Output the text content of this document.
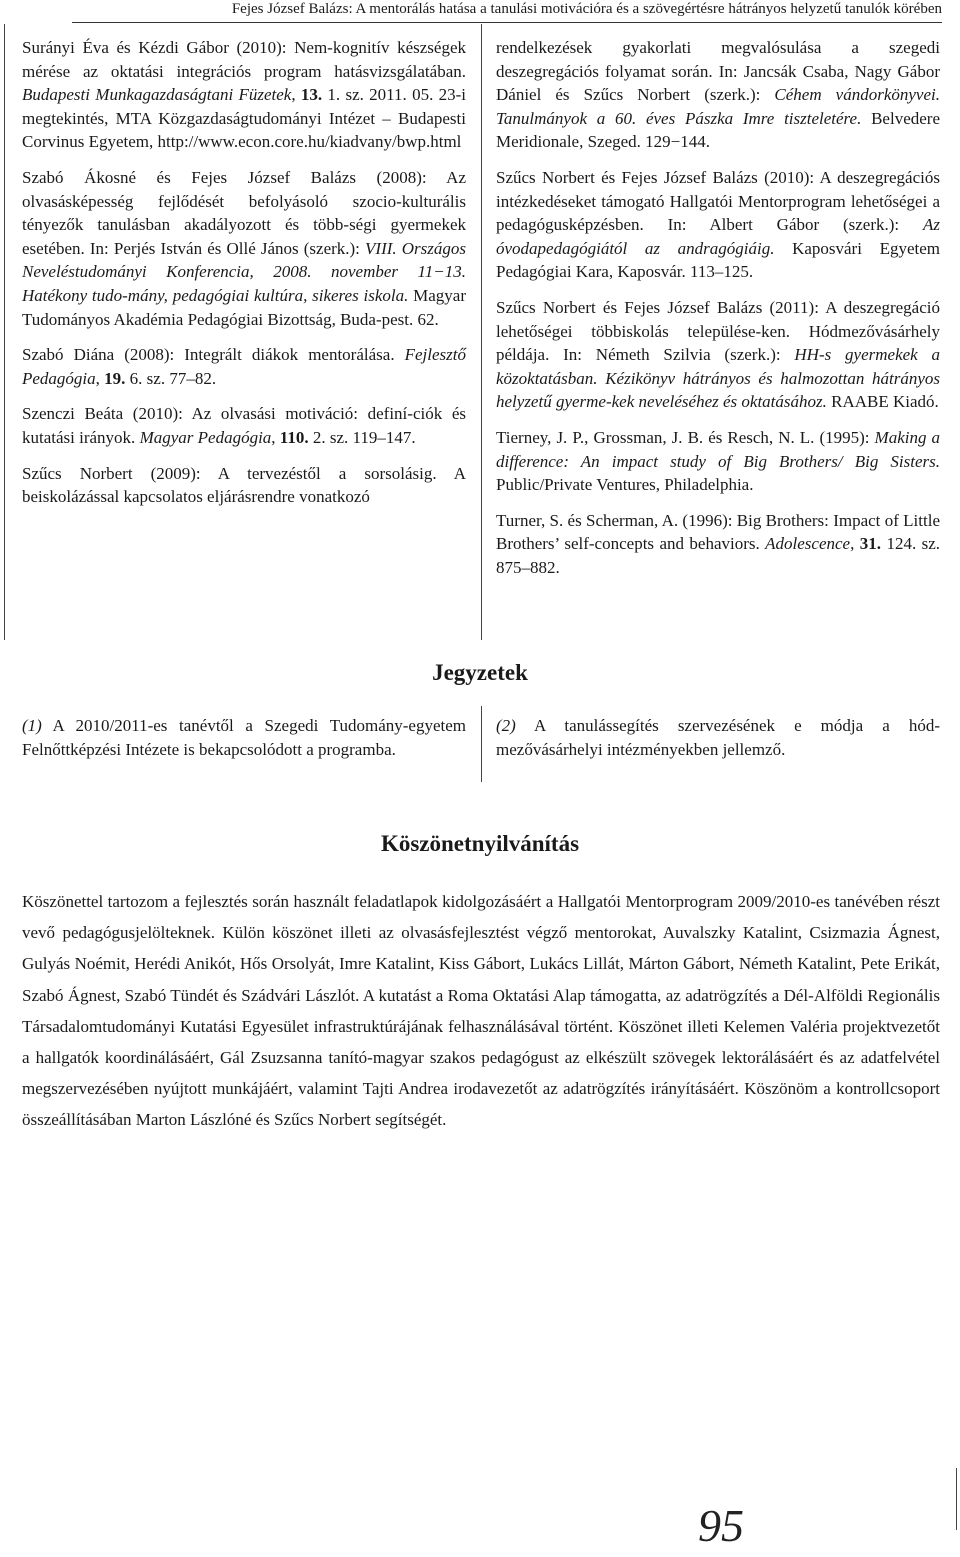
Fejes József Balázs: A mentorálás hatása a tanulási motivációra és a szövegértésre hátrányos helyzetű tanulók körében

Surányi Éva és Kézdi Gábor (2010): Nem-kognitív készségek mérése az oktatási integrációs program hatásvizsgálatában. Budapesti Munkagazdaságtani Füzetek, 13. 1. sz. 2011. 05. 23-i megtekintés, MTA Közgazdaságtudományi Intézet – Budapesti Corvinus Egyetem, http://www.econ.core.hu/kiadvany/bwp.html

Szabó Ákosné és Fejes József Balázs (2008): Az olvasásképesség fejlődését befolyásoló szocio-kulturális tényezők tanulásban akadályozott és több-ségi gyermekek esetében. In: Perjés István és Ollé János (szerk.): VIII. Országos Neveléstudományi Konferencia, 2008. november 11−13. Hatékony tudo-mány, pedagógiai kultúra, sikeres iskola. Magyar Tudományos Akadémia Pedagógiai Bizottság, Buda-pest. 62.

Szabó Diána (2008): Integrált diákok mentorálása. Fejlesztő Pedagógia, 19. 6. sz. 77–82.

Szenczi Beáta (2010): Az olvasási motiváció: definí-ciók és kutatási irányok. Magyar Pedagógia, 110. 2. sz. 119–147.

Szűcs Norbert (2009): A tervezéstől a sorsolásig. A beiskolázással kapcsolatos eljárásrendre vonatkozó

rendelkezések gyakorlati megvalósulása a szegedi deszegregációs folyamat során. In: Jancsák Csaba, Nagy Gábor Dániel és Szűcs Norbert (szerk.): Céhem vándorkönyvei. Tanulmányok a 60. éves Pászka Imre tiszteletére. Belvedere Meridionale, Szeged. 129−144.

Szűcs Norbert és Fejes József Balázs (2010): A deszegregációs intézkedéseket támogató Hallgatói Mentorprogram lehetőségei a pedagógusképzésben. In: Albert Gábor (szerk.): Az óvodapedagógiától az andragógiáig. Kaposvári Egyetem Pedagógiai Kara, Kaposvár. 113–125.

Szűcs Norbert és Fejes József Balázs (2011): A deszegregáció lehetőségei többiskolás települése-ken. Hódmezővásárhely példája. In: Németh Szilvia (szerk.): HH-s gyermekek a közoktatásban. Kézikönyv hátrányos és halmozottan hátrányos helyzetű gyerme-kek neveléséhez és oktatásához. RAABE Kiadó.

Tierney, J. P., Grossman, J. B. és Resch, N. L. (1995): Making a difference: An impact study of Big Brothers/ Big Sisters. Public/Private Ventures, Philadelphia.

Turner, S. és Scherman, A. (1996): Big Brothers: Impact of Little Brothers’ self-concepts and behaviors. Adolescence, 31. 124. sz. 875–882.

Jegyzetek
(1) A 2010/2011-es tanévtől a Szegedi Tudomány-egyetem Felnőttképzési Intézete is bekapcsolódott a programba.
(2) A tanulássegítés szervezésének e módja a hód-mezővásárhelyi intézményekben jellemző.
Köszönetnyilvánítás

Köszönettel tartozom a fejlesztés során használt feladatlapok kidolgozásáért a Hallgatói Mentorprogram 2009/2010-es tanévében részt vevő pedagógusjelölteknek. Külön köszönet illeti az olvasásfejlesztést végző mentorokat, Auvalszky Katalint, Csizmazia Ágnest, Gulyás Noémit, Herédi Anikót, Hős Orsolyát, Imre Katalint, Kiss Gábort, Lukács Lillát, Márton Gábort, Németh Katalint, Pete Erikát, Szabó Ágnest, Szabó Tündét és Szádvári Lászlót. A kutatást a Roma Oktatási Alap támogatta, az adatrögzítés a Dél-Alföldi Regionális Társadalomtudományi Kutatási Egyesület infrastruktúrájának felhasználásával történt. Köszönet illeti Kelemen Valéria projektvezetőt a hallgatók koordinálásáért, Gál Zsuzsanna tanító-magyar szakos pedagógust az elkészült szövegek lektorálásáért és az adatfelvétel megszervezésében nyújtott munkájáért, valamint Tajti Andrea irodavezetőt az adatrögzítés irányításáért. Köszönöm a kontrollcsoport összeállításában Marton Lászlóné és Szűcs Norbert segítségét.

95
